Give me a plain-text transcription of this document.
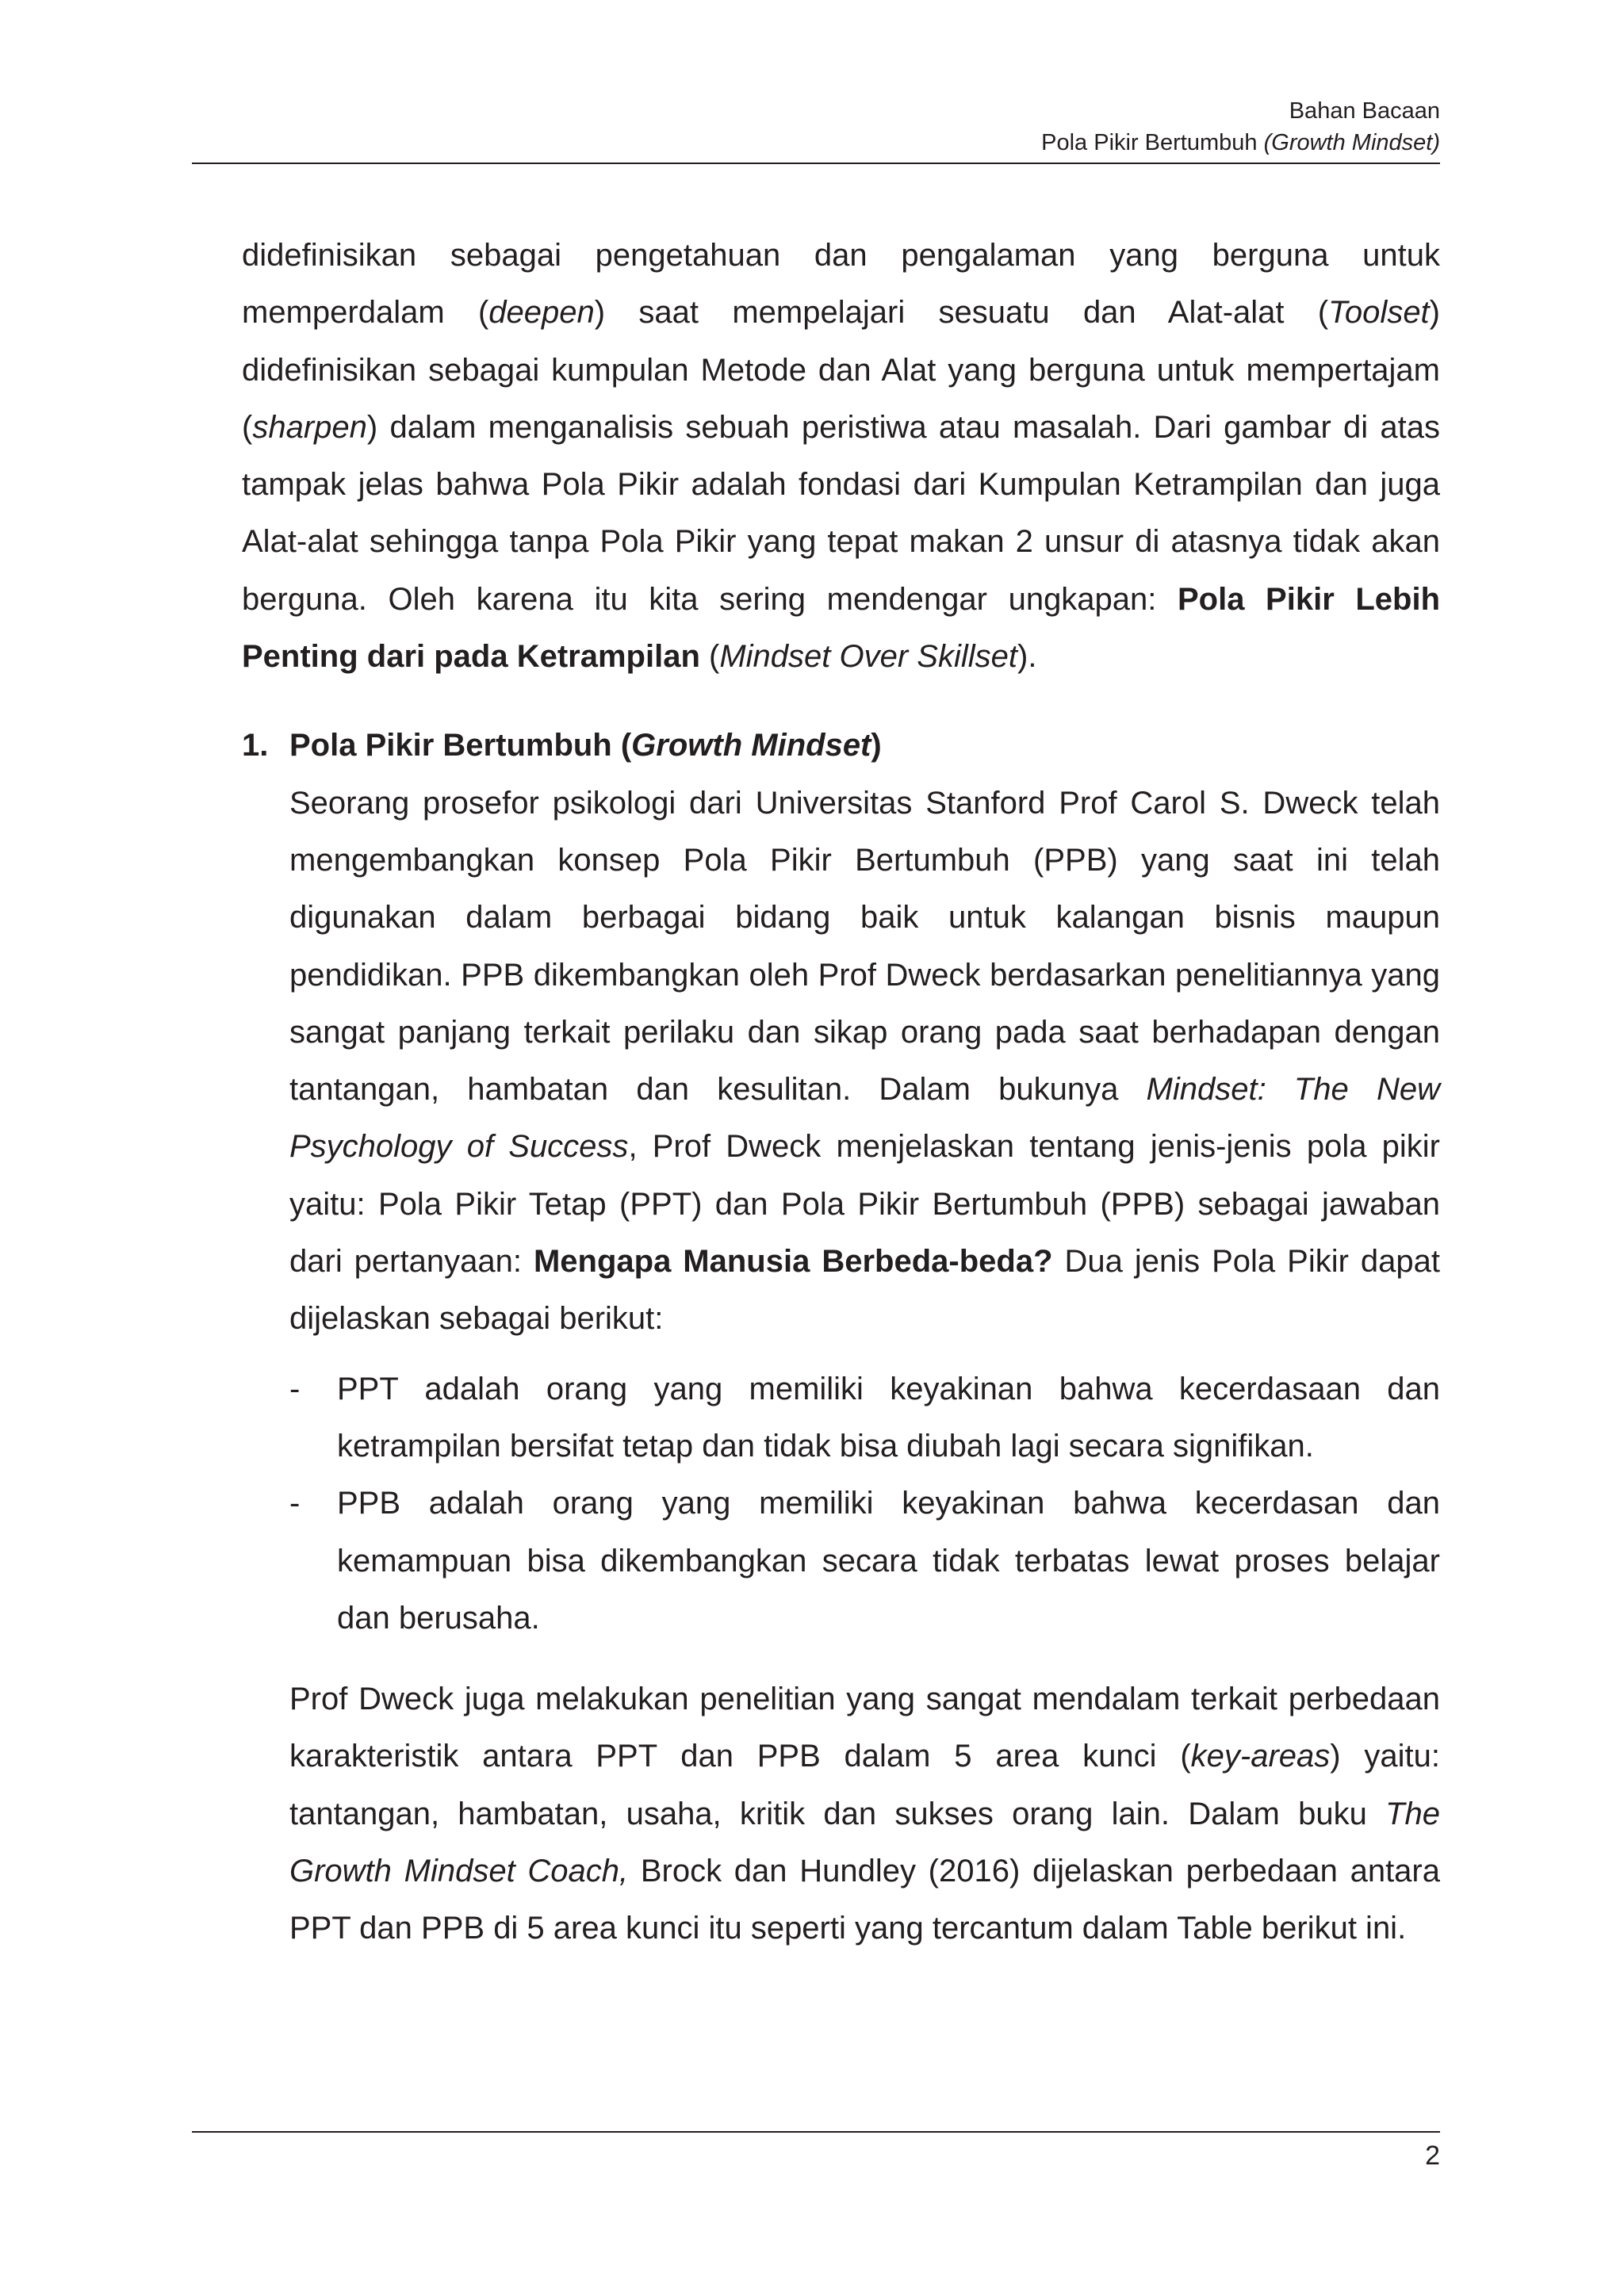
Bahan Bacaan
Pola Pikir Bertumbuh (Growth Mindset)

didefinisikan sebagai pengetahuan dan pengalaman yang berguna untuk memperdalam (deepen) saat mempelajari sesuatu dan Alat-alat (Toolset) didefinisikan sebagai kumpulan Metode dan Alat yang berguna untuk mempertajam (sharpen) dalam menganalisis sebuah peristiwa atau masalah. Dari gambar di atas tampak jelas bahwa Pola Pikir adalah fondasi dari Kumpulan Ketrampilan dan juga Alat-alat sehingga tanpa Pola Pikir yang tepat makan 2 unsur di atasnya tidak akan berguna. Oleh karena itu kita sering mendengar ungkapan: Pola Pikir Lebih Penting dari pada Ketrampilan (Mindset Over Skillset).

1. Pola Pikir Bertumbuh (Growth Mindset)

Seorang prosefor psikologi dari Universitas Stanford Prof Carol S. Dweck telah mengembangkan konsep Pola Pikir Bertumbuh (PPB) yang saat ini telah digunakan dalam berbagai bidang baik untuk kalangan bisnis maupun pendidikan. PPB dikembangkan oleh Prof Dweck berdasarkan penelitiannya yang sangat panjang terkait perilaku dan sikap orang pada saat berhadapan dengan tantangan, hambatan dan kesulitan. Dalam bukunya Mindset: The New Psychology of Success, Prof Dweck menjelaskan tentang jenis-jenis pola pikir yaitu: Pola Pikir Tetap (PPT) dan Pola Pikir Bertumbuh (PPB) sebagai jawaban dari pertanyaan: Mengapa Manusia Berbeda-beda? Dua jenis Pola Pikir dapat dijelaskan sebagai berikut:

- PPT adalah orang yang memiliki keyakinan bahwa kecerdasaan dan ketrampilan bersifat tetap dan tidak bisa diubah lagi secara signifikan.
- PPB adalah orang yang memiliki keyakinan bahwa kecerdasan dan kemampuan bisa dikembangkan secara tidak terbatas lewat proses belajar dan berusaha.

Prof Dweck juga melakukan penelitian yang sangat mendalam terkait perbedaan karakteristik antara PPT dan PPB dalam 5 area kunci (key-areas) yaitu: tantangan, hambatan, usaha, kritik dan sukses orang lain. Dalam buku The Growth Mindset Coach, Brock dan Hundley (2016) dijelaskan perbedaan antara PPT dan PPB di 5 area kunci itu seperti yang tercantum dalam Table berikut ini.

2
